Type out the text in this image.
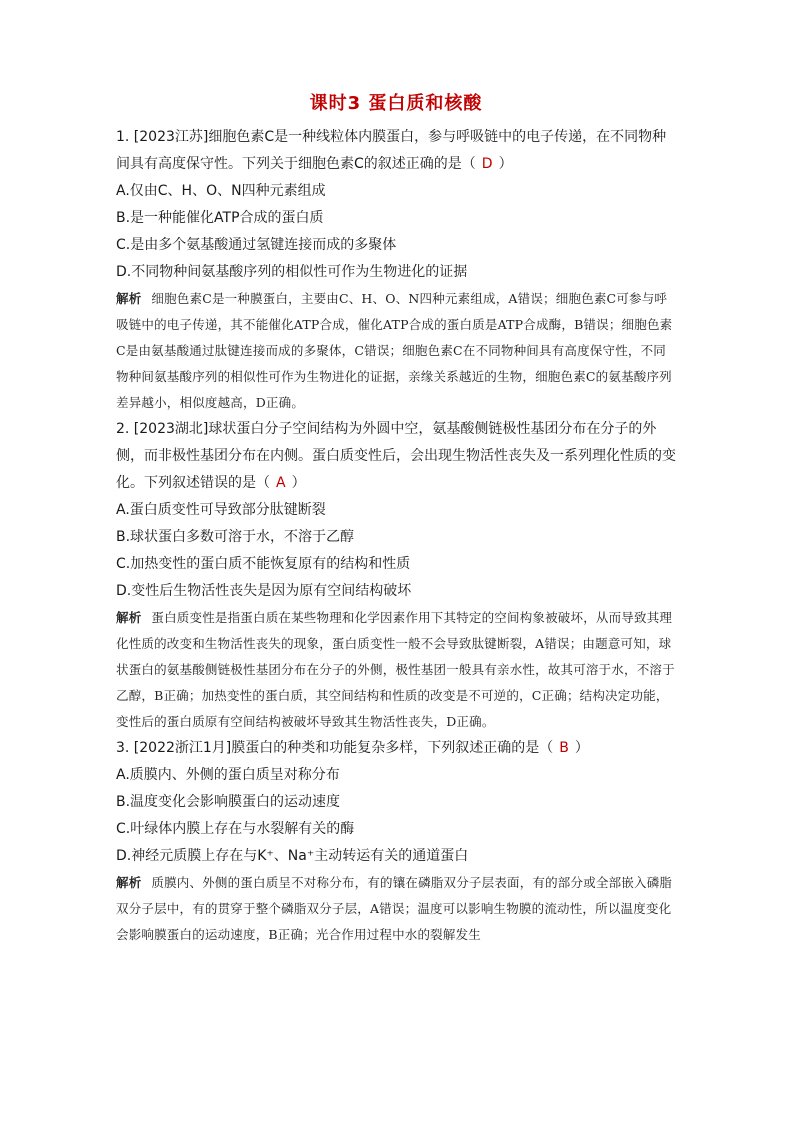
课时3 蛋白质和核酸
1. [2023江苏]细胞色素C是一种线粒体内膜蛋白，参与呼吸链中的电子传递，在不同物种间具有高度保守性。下列关于细胞色素C的叙述正确的是（ D ）
A.仅由C、H、O、N四种元素组成
B.是一种能催化ATP合成的蛋白质
C.是由多个氨基酸通过氢键连接而成的多聚体
D.不同物种间氨基酸序列的相似性可作为生物进化的证据
解析 细胞色素C是一种膜蛋白，主要由C、H、O、N四种元素组成，A错误；细胞色素C可参与呼吸链中的电子传递，其不能催化ATP合成，催化ATP合成的蛋白质是ATP合成酶，B错误；细胞色素C是由氨基酸通过肽键连接而成的多聚体，C错误；细胞色素C在不同物种间具有高度保守性，不同物种间氨基酸序列的相似性可作为生物进化的证据，亲缘关系越近的生物，细胞色素C的氨基酸序列差异越小，相似度越高，D正确。
2. [2023湖北]球状蛋白分子空间结构为外圆中空，氨基酸侧链极性基团分布在分子的外侧，而非极性基团分布在内侧。蛋白质变性后，会出现生物活性丧失及一系列理化性质的变化。下列叙述错误的是（ A ）
A.蛋白质变性可导致部分肽键断裂
B.球状蛋白多数可溶于水，不溶于乙醇
C.加热变性的蛋白质不能恢复原有的结构和性质
D.变性后生物活性丧失是因为原有空间结构破坏
解析 蛋白质变性是指蛋白质在某些物理和化学因素作用下其特定的空间构象被破坏，从而导致其理化性质的改变和生物活性丧失的现象，蛋白质变性一般不会导致肽键断裂，A错误；由题意可知，球状蛋白的氨基酸侧链极性基团分布在分子的外侧，极性基团一般具有亲水性，故其可溶于水，不溶于乙醇，B正确；加热变性的蛋白质，其空间结构和性质的改变是不可逆的，C正确；结构决定功能，变性后的蛋白质原有空间结构被破坏导致其生物活性丧失，D正确。
3. [2022浙江1月]膜蛋白的种类和功能复杂多样，下列叙述正确的是（ B ）
A.质膜内、外侧的蛋白质呈对称分布
B.温度变化会影响膜蛋白的运动速度
C.叶绿体内膜上存在与水裂解有关的酶
D.神经元质膜上存在与K⁺、Na⁺主动转运有关的通道蛋白
解析 质膜内、外侧的蛋白质呈不对称分布，有的镶在磷脂双分子层表面，有的部分或全部嵌入磷脂双分子层中，有的贯穿于整个磷脂双分子层，A错误；温度可以影响生物膜的流动性，所以温度变化会影响膜蛋白的运动速度，B正确；光合作用过程中水的裂解发生
